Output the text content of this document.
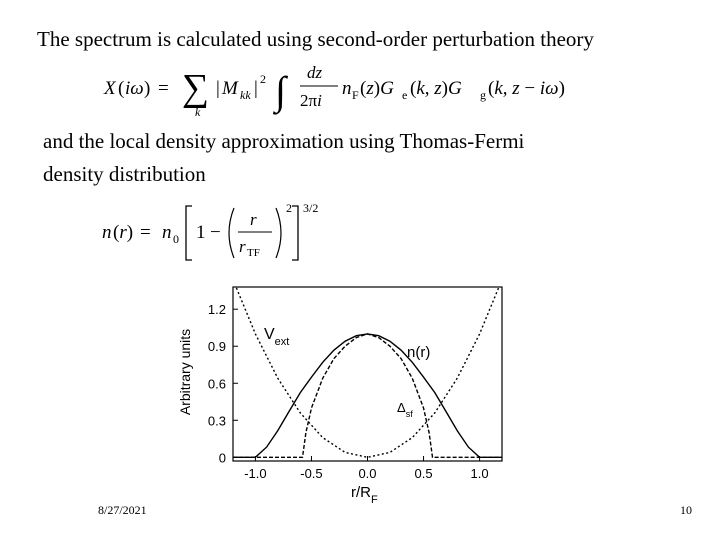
The spectrum is calculated using second-order perturbation theory
X ( iω ) = ∑
k
| M kk | 2 ∫ dz
2πi
n F (z)G e (k, z)G g (k, z − iω)
and the local density approximation using Thomas-Fermi
density distribution
n (r) = n 0 1 −
r
r TF
2 3/2
-1.0	-0.5	0.0	0.5	1.0
0
0.3
0.6
0.9
1.2
$V_{ext}$
n(r)
$\Delta_{sf}$
$r/R_F$
Arbitrary units
8/27/2021	10
